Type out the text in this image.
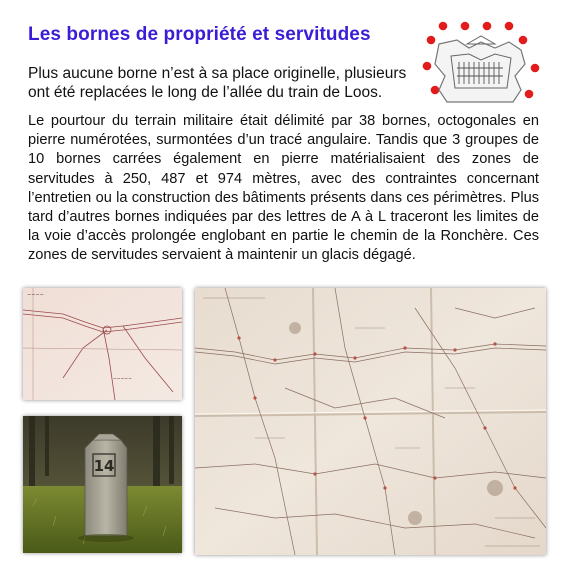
Les bornes de propriété et servitudes
Plus aucune borne n’est à sa place originelle, plusieurs ont été replacées le long de l’allée du train de Loos.
Le pourtour du terrain militaire était délimité par 38 bornes, octogonales en pierre numérotées, surmontées d’un tracé angulaire. Tandis que 3 groupes de 10 bornes carrées également en pierre matérialisaient des zones de servitudes à 250, 487 et 974 mètres, avec des contraintes concernant l’entretien ou la construction des bâtiments présents dans ces périmètres. Plus tard d’autres bornes indiquées par des lettres de A à L traceront les limites de la voie d’accès prolongée englobant en partie le chemin de la Ronchère. Ces zones de servitudes servaient à maintenir un glacis dégagé.
~~~~
~~~~~
14
